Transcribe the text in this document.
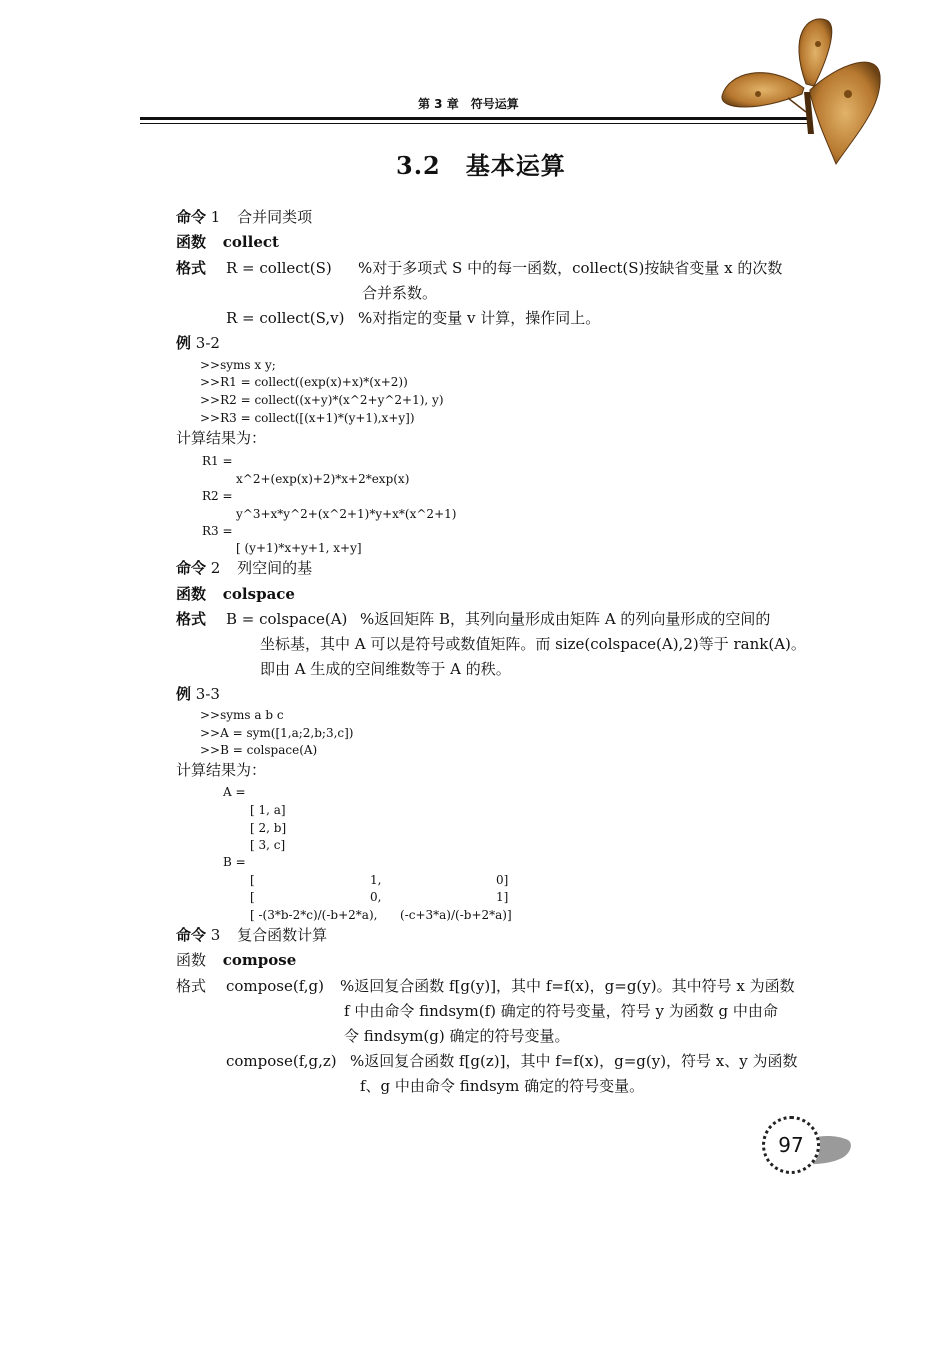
第 3 章　符号运算
3.2　基本运算
命令 1 合并同类项
函数 collect
格式 R = collect(S) %对于多项式 S 中的每一函数，collect(S)按缺省变量 x 的次数
合并系数。
R = collect(S,v) %对指定的变量 v 计算，操作同上。
例 3-2
>>syms x y;
>>R1 = collect((exp(x)+x)*(x+2))
>>R2 = collect((x+y)*(x^2+y^2+1), y)
>>R3 = collect([(x+1)*(y+1),x+y])
计算结果为：
R1 =
x^2+(exp(x)+2)*x+2*exp(x)
R2 =
y^3+x*y^2+(x^2+1)*y+x*(x^2+1)
R3 =
[ (y+1)*x+y+1, x+y]
命令 2 列空间的基
函数 colspace
格式 B = colspace(A) %返回矩阵 B，其列向量形成由矩阵 A 的列向量形成的空间的
坐标基，其中 A 可以是符号或数值矩阵。而 size(colspace(A),2)等于 rank(A)。
即由 A 生成的空间维数等于 A 的秩。
例 3-3
>>syms a b c
>>A = sym([1,a;2,b;3,c])
>>B = colspace(A)
计算结果为：
A =
[ 1, a]
[ 2, b]
[ 3, c]
B =
[	1,	0]
[	0,	1]
[ -(3*b-2*c)/(-b+2*a), (-c+3*a)/(-b+2*a)]
命令 3 复合函数计算
函数 compose
格式 compose(f,g) %返回复合函数 f[g(y)]，其中 f=f(x)，g=g(y)。其中符号 x 为函数
f 中由命令 findsym(f) 确定的符号变量，符号 y 为函数 g 中由命
令 findsym(g) 确定的符号变量。
compose(f,g,z) %返回复合函数 f[g(z)]，其中 f=f(x)，g=g(y)，符号 x、y 为函数
f、g 中由命令 findsym 确定的符号变量。
97
